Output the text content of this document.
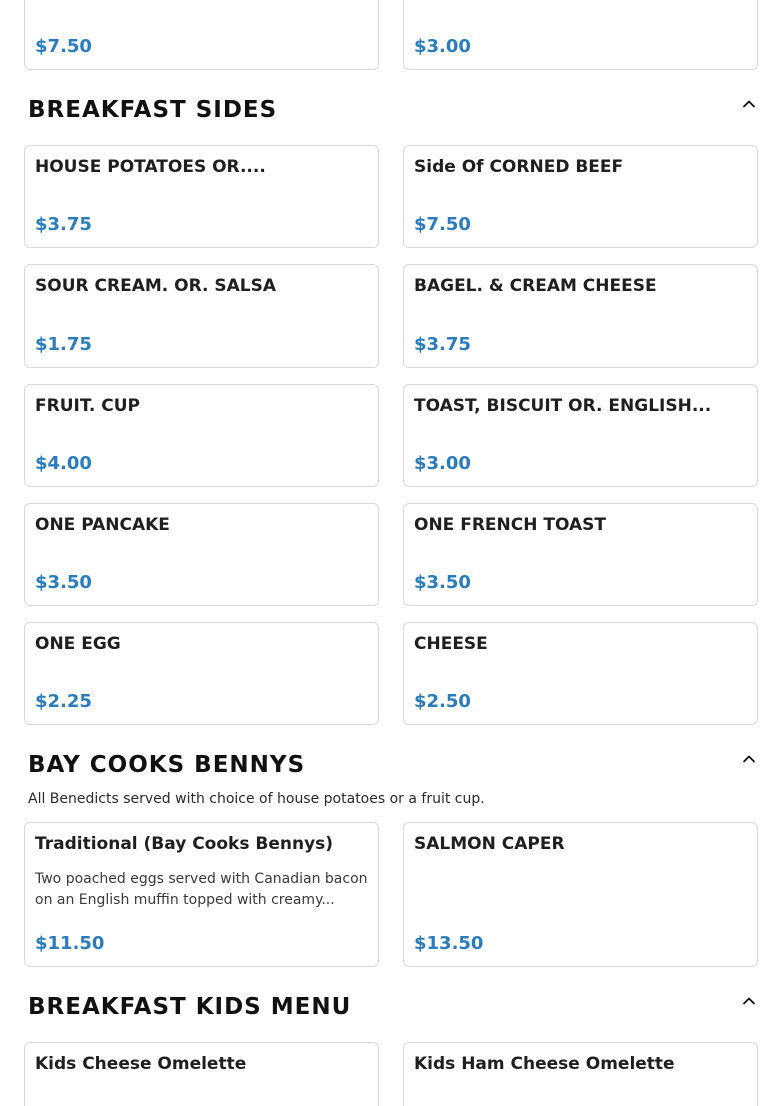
$7.50	$3.00
BREAKFAST SIDES
HOUSE POTATOES OR....
$3.75
Side Of CORNED BEEF
$7.50
SOUR CREAM. OR. SALSA
$1.75
BAGEL. & CREAM CHEESE
$3.75
FRUIT. CUP
$4.00
TOAST, BISCUIT OR. ENGLISH...
$3.00
ONE PANCAKE
$3.50
ONE FRENCH TOAST
$3.50
ONE EGG
$2.25
CHEESE
$2.50
BAY COOKS BENNYS
All Benedicts served with choice of house potatoes or a fruit cup.
Traditional (Bay Cooks Bennys)
Two poached eggs served with Canadian bacon on an English muffin topped with creamy...
$11.50
SALMON CAPER
$13.50
BREAKFAST KIDS MENU
Kids Cheese Omelette	Kids Ham Cheese Omelette
